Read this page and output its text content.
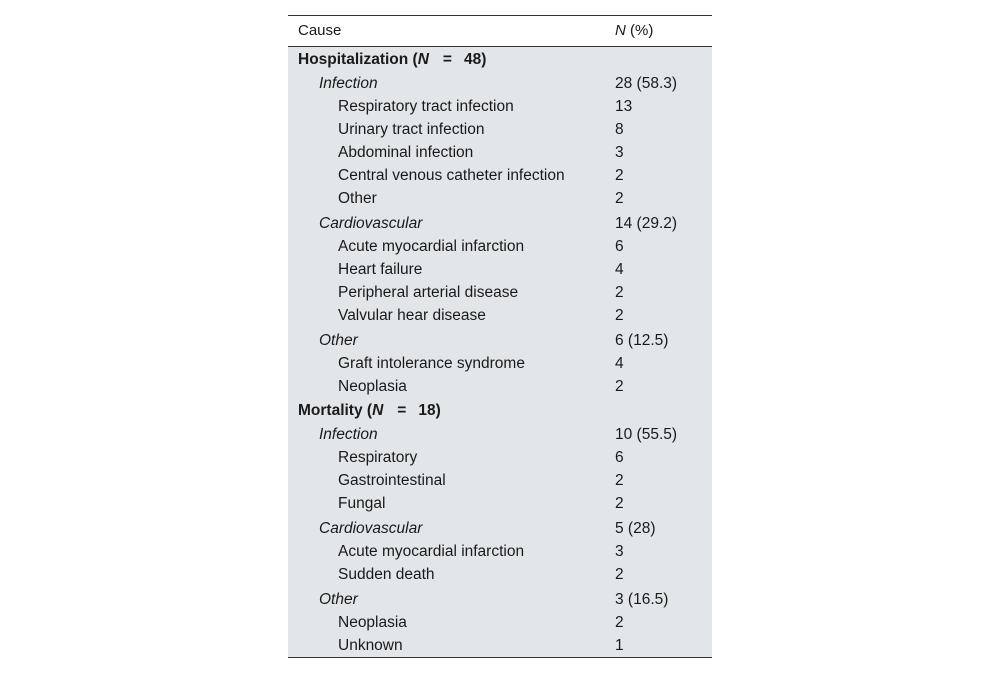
Cause	N (%)
Hospitalization (N = 48)
Infection	28 (58.3)
Respiratory tract infection	13
Urinary tract infection	8
Abdominal infection	3
Central venous catheter infection	2
Other	2
Cardiovascular	14 (29.2)
Acute myocardial infarction	6
Heart failure	4
Peripheral arterial disease	2
Valvular hear disease	2
Other	6 (12.5)
Graft intolerance syndrome	4
Neoplasia	2
Mortality (N = 18)
Infection	10 (55.5)
Respiratory	6
Gastrointestinal	2
Fungal	2
Cardiovascular	5 (28)
Acute myocardial infarction	3
Sudden death	2
Other	3 (16.5)
Neoplasia	2
Unknown	1
